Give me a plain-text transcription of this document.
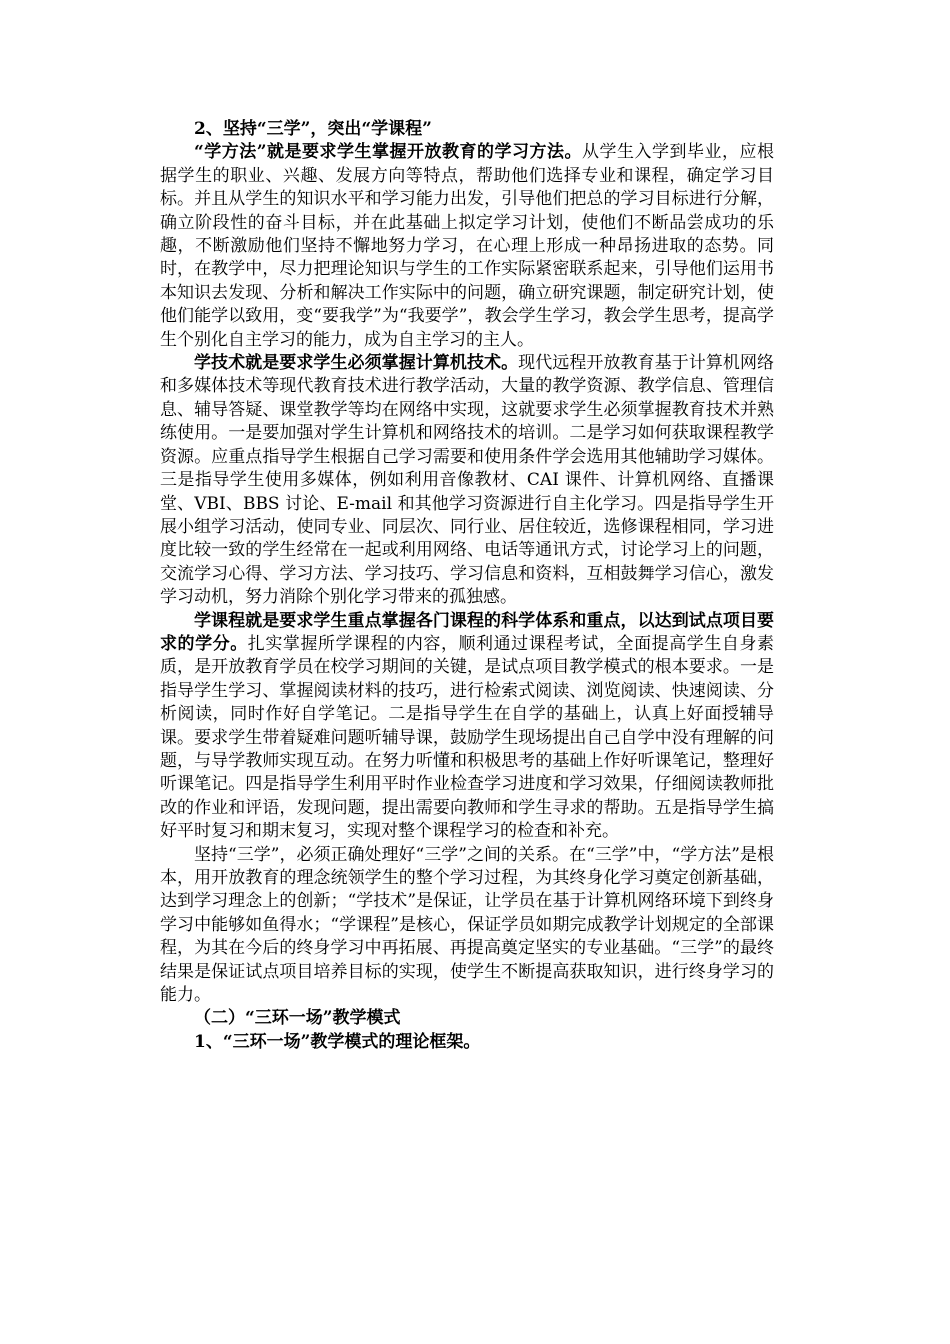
2、坚持“三学”，突出“学课程”

“学方法”就是要求学生掌握开放教育的学习方法。从学生入学到毕业，应根据学生的职业、兴趣、发展方向等特点，帮助他们选择专业和课程，确定学习目标。并且从学生的知识水平和学习能力出发，引导他们把总的学习目标进行分解，确立阶段性的奋斗目标，并在此基础上拟定学习计划，使他们不断品尝成功的乐趣，不断激励他们坚持不懈地努力学习，在心理上形成一种昂扬进取的态势。同时，在教学中，尽力把理论知识与学生的工作实际紧密联系起来，引导他们运用书本知识去发现、分析和解决工作实际中的问题，确立研究课题，制定研究计划，使他们能学以致用，变“要我学”为“我要学”，教会学生学习，教会学生思考，提高学生个别化自主学习的能力，成为自主学习的主人。

学技术就是要求学生必须掌握计算机技术。现代远程开放教育基于计算机网络和多媒体技术等现代教育技术进行教学活动，大量的教学资源、教学信息、管理信息、辅导答疑、课堂教学等均在网络中实现，这就要求学生必须掌握教育技术并熟练使用。一是要加强对学生计算机和网络技术的培训。二是学习如何获取课程教学资源。应重点指导学生根据自己学习需要和使用条件学会选用其他辅助学习媒体。三是指导学生使用多媒体，例如利用音像教材、CAI 课件、计算机网络、直播课堂、VBI、BBS 讨论、E-mail 和其他学习资源进行自主化学习。四是指导学生开展小组学习活动，使同专业、同层次、同行业、居住较近，选修课程相同，学习进度比较一致的学生经常在一起或利用网络、电话等通讯方式，讨论学习上的问题，交流学习心得、学习方法、学习技巧、学习信息和资料，互相鼓舞学习信心，激发学习动机，努力消除个别化学习带来的孤独感。

学课程就是要求学生重点掌握各门课程的科学体系和重点，以达到试点项目要求的学分。扎实掌握所学课程的内容，顺利通过课程考试，全面提高学生自身素质，是开放教育学员在校学习期间的关键，是试点项目教学模式的根本要求。一是指导学生学习、掌握阅读材料的技巧，进行检索式阅读、浏览阅读、快速阅读、分析阅读，同时作好自学笔记。二是指导学生在自学的基础上，认真上好面授辅导课。要求学生带着疑难问题听辅导课，鼓励学生现场提出自己自学中没有理解的问题，与导学教师实现互动。在努力听懂和积极思考的基础上作好听课笔记，整理好听课笔记。四是指导学生利用平时作业检查学习进度和学习效果，仔细阅读教师批改的作业和评语，发现问题，提出需要向教师和学生寻求的帮助。五是指导学生搞好平时复习和期末复习，实现对整个课程学习的检查和补充。

坚持“三学”，必须正确处理好“三学”之间的关系。在“三学”中，“学方法”是根本，用开放教育的理念统领学生的整个学习过程，为其终身化学习奠定创新基础，达到学习理念上的创新；“学技术”是保证，让学员在基于计算机网络环境下到终身学习中能够如鱼得水；“学课程”是核心，保证学员如期完成教学计划规定的全部课程，为其在今后的终身学习中再拓展、再提高奠定坚实的专业基础。“三学”的最终结果是保证试点项目培养目标的实现，使学生不断提高获取知识，进行终身学习的能力。

（二）“三环一场”教学模式

1、“三环一场”教学模式的理论框架。
